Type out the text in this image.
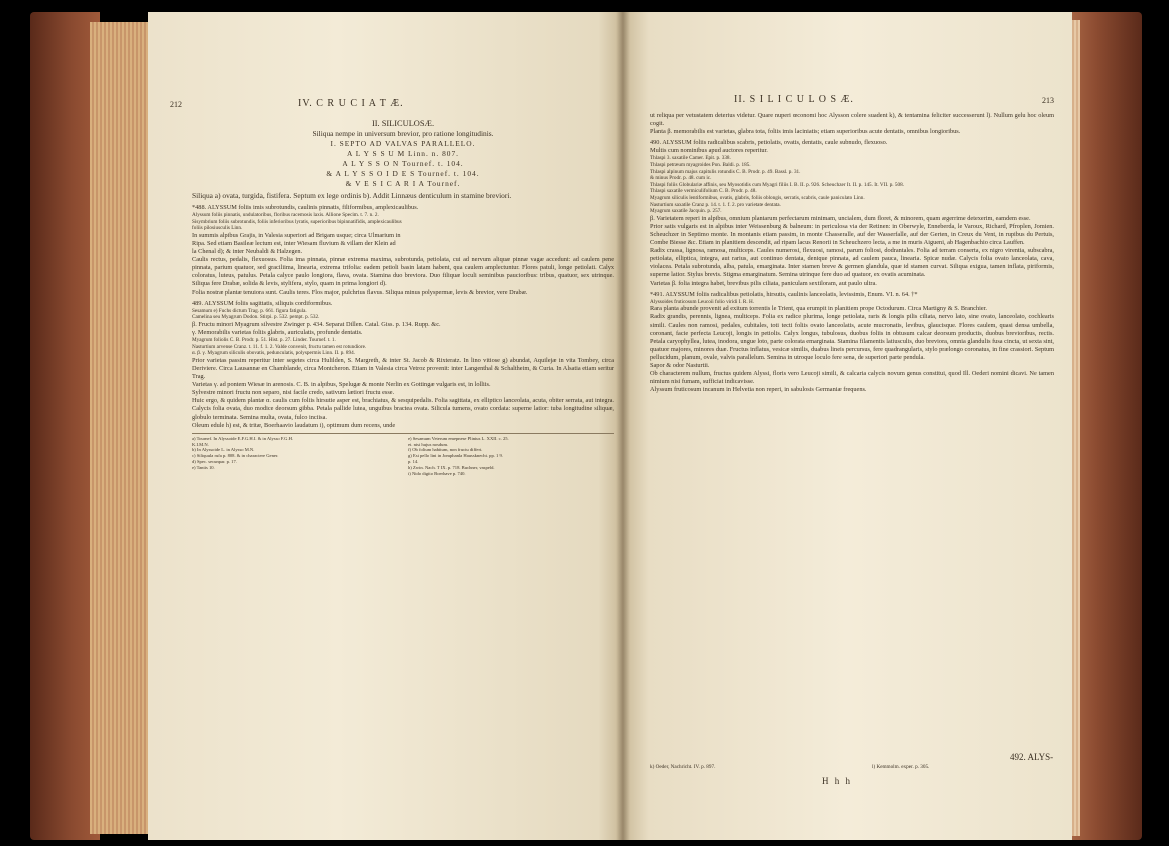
212	IV. C R U C I A T Æ.
II. SILICULOSÆ.
Siliqua nempe in universum brevior, pro ratione longitudinis.
I. SEPTO AD VALVAS PARALLELO.
A L Y S S U M Linn. n. 807.
A L Y S S O N Tournef. t. 104.
& A L Y S S O I D E S Tournef. t. 104.
& V E S I C A R I A Tournef.
Siliqua a) ovata, turgida, fistifera. Septum ex lege ordinis b). Addit Linnæus denticulum in stamine breviori.
*488. ALYSSUM foliis imis subrotundis, caulinis pinnatis, filiformibus, amplexicaulibus.
Alyssum foliis pinnatis, undulatoribus, floribus racemosis laxis. Allione Specim. t. 7. n. 2.
Sisymbrium foliis subrotundis, foliis inferioribus lyratis, superioribus bipinnatifidis, amplexicaulibus
foliis pilosiusculis Linn.
In summis alpibus Grajis, in Valesia superiori ad Brigam usque; circa Ulmarium in
Ripa. Sed etiam Basileæ lectum est, inter Wiesam fluvium & villam der Klein ad
la Chenal d); & inter Neubaldi & Halzegen.
Caulis rectus, pedalis, flexuosus. Folia ima pinnata, pinnæ extrema maxima, subrotunda, petiolata, cui ad nervum aliquæ pinnæ vagæ accedunt: ad caulem pene pinnata, parium quatuor, sed graciliima, linearia, extrema trifolia: eadem petioli basin latam habent, qua caulem amplectuntur. Flores patuli, longe petiolati. Calyx coloratus, luteus, patulus. Petala calyce paulo longiora, flava, ovata. Stamina duo breviora. Duo filiquæ loculi seminibus paucioribus: tribus, quatuor, sex utrinque. Siliqua fere Drabæ, solida & levis, stylifera, stylo, quam in prima longiori d).
Folia nostræ plantæ tenuiora sunt. Caulis teres. Flos major, pulchrius flavus. Siliqua minus polyspermæ, levis & brevior, vere Drabæ.
489. ALYSSUM foliis sagittatis, siliquis cordiformibus.
Sesamum e) Fuchs dictum Trag. p. 661. figura fatigula.
Camelina seu Myagrum Dodon. Stirpi. p. 532. pempt. p. 532.
β. Fructu minori Myagrum silvestre Zwinger p. 434. Separat Dillen. Catal. Giss. p. 134. Rupp. &c.
γ. Memorabilis varietas foliis glabris, auriculatis, profunde dentatis.
Myagrum foliolis C. B. Prodr. p. 51. Hist. p. 27. Linder. Tournef. t. 1.
Nasturtium arvense Cranz. t. 11. f. 1. 2. Valde convenit, fructu tamen est rotundiore.
α. β. γ. Myagrum siliculis obovatis, pedunculatis, polyspermis Linn. II. p. 894.
Prior varietas passim reperitur inter segetes circa Hulilden, S. Margreth, & inter St. Jacob & Rixteratz. In lino vitiose g) abundat, Aquilejæ in vita Tombey, circa Deriviere. Circa Lausannæ en Chamblande, circa Montcheron. Etiam in Valesia circa Vetroz provenit: inter Langenthal & Schaltheim, & Curia. In Alsatia etiam seritur Trag.
Varietas γ. ad pontem Wiesæ in arenosis. C. B. in alpibus, Spelugæ & monte Nerlin ex Gottingæ vulgaris est, in lolliis.
Sylvestre minori fructu non separo, nisi facile credo, sativum lætiori fructu esse.
Huic ergo, & quidem plantæ α. caulis cum foliis hirsutie asper est, brachiatus, & sesquipedalis. Folia sagittata, ex elliptico lanceolata, acuta, obiter serrata, aut integra. Calycis folia ovata, duo modice deorsum gibba. Petala pallide lutea, unguibus bractea ovata. Silicula tumens, ovato cordata: superne latior: tuba longitudine siliquæ, globulo terminata. Semina multa, ovata, fulco inciisa.
Oleum edule h) est, & tritæ, Boerhaavio laudatum i), optimum dum recens, unde
a) Tournef. In Alyssoide E.F.G.H.I. & in Alysso F.G.H.
K.I.M.N.
b) In Alyssoide L. in Alysso M.N.
c) Siliquula rufa p. 808. & in charactere Gener.
d) Spec. secunpar. p. 17.
e) Tantis 10.
e) Sesamum Veterum emepnese Plinius L. XXII. c. 25.
et. nisi hujus nosdum.
f) Ob folium habitum, non fructu differt.
g) Est pello lini in Jomphanla Haussknecht. pp. 1 9.
p. 14.
h) Zwin. Nach. T IX. p. 718. Buchner, vaspeld.
i) Nido digito Boerhave p. 740.
II. S I L I C U L O S Æ.	213
ut reliqua per vetustatem deterius videtur. Quare nuperi œconomi hoc Alysson colere suadent k), & tentamina feliciter successerunt l). Nullum gelu hoc oleum cogit.
Planta β. memorabilis est varietas, glabra tota, foliis imis laciniatis; etiam superioribus acute dentatis, omnibus longioribus.
490. ALYSSUM foliis radicalibus scabris, petiolatis, ovatis, dentatis, caule subnudo, flexuoso.
Multis cum nominibus apud auctores reperitur.
Thlaspi 3. saxatile Camer. Epit. p. 338.
Thlaspi petræum myagroides Pon. Baldi. p. 185.
Thlaspi alpinum majus capitulis rotundis C. B. Prodr. p. 49. Bassl. p. 31.
& minus Prodr. p. 48. cum ic.
Thlaspi foliis Globulariæ affinis, seu Myosotidis cum Myagri filiis I. B. II. p. 926. Scheuchzer It. II. p. 145. It. VII. p. 508.
Thlaspi saxatile vermiculifolium C. B. Prodr. p. 48.
Myagrum siliculis lentiformibus, ovatis, glabris, foliis oblongis, serratis, scabris, caule paniculato Linn.
Nasturtium saxatile Cranz p. 14. t. 1. f. 2. pro varietate dentata.
Myagrum saxatile Jacquin. p. 257.
β. Varietatem reperi in alpibus, omnium plantarum perfectarum minimam, uncialem, dum floret, & minorem, quam ægerrime detexerim, eamdem esse.
Prior satis vulgaris est in alpibus inter Weissenburg & balneum: in periculosa via der Retinen: in Oberwyle, Enneberda, le Varoux, Richard, Pfroplen, Jomien. Scheuchzer in Septimo monte. In montanis etiam passim, in monte Chasseralle, auf der Wasserfalle, auf der Gerten, in Creux du Vent, in rupibus du Pertuis, Combe Biesse &c. Etiam in planitiem descendit, ad ripam lacus Renorii in Scheuchzero lecta, a me in muris Aigueni, ab Hagenbachio circa Lauffen.
Radix crassa, lignosa, ramosa, multiceps. Caules numerosi, flexuosi, ramosi, parum foliosi, dodrantales. Folia ad terram conserta, ex nigro virentia, subscabra, petiolata, elliptica, integra, aut rarius, aut continuo dentata, denique pinnata, ad caulem pauca, linearia. Spicæ nudæ. Calycis folia ovato lanceolata, cava, violacea. Petala subrotunda, alba, patula, emarginata. Inter stamen breve & germen glandula, quæ id stamen curvat. Siliqua exigua, tamen inflata, piriformis, superne latior. Stylus brevis. Stigma emarginatum. Semina utrinque fere duo ad quatuor, ex ovatis acuminata.
Varietas β. folia integra habet, brevibus pilis ciliata, paniculam sextiloram, aut paulo ultra.
*491. ALYSSUM foliis radicalibus petiolatis, hirsutis, caulinis lanceolatis, levissimis, Enum. VI. n. 64. †*
Alyssoides fruticosum Leucoii folio viridi I. R. H.
Rara planta abunde provenit ad exitum torrentis le Trient, qua erumpit in planitiem prope Octodurum. Circa Martigny & S. Branchier.
Radix grandis, perennis, lignea, multiceps. Folia ex radice plurima, longe petiolata, raris & longis pilis ciliata, nervo lato, sine ovato, lanceolato, cochlearis simili. Caules non ramosi, pedales, cubitales, toti tecti foliis ovato lanceolatis, acute mucronatis, levibus, glaucisque. Flores caulem, quasi densa umbella, coronant, facie perfecta Leucoji, longis in petiolis. Calyx longus, tubulosus, duobus foliis in obtusum calcar deorsum productis, duobus brevioribus, rectis. Petala caryophyllea, lutea, inodora, ungue loto, parte colorata emarginata. Stamina filamentis latiusculis, duo breviora, omnia glandulis fusa cincta, ut sexta sint, quatuor majores, minores duæ. Fructus inflatus, vesicæ similis, duabus lineis percursus, fere quadrangularis, stylo prælongo coronatus, in fine crassiori. Septum pellucidum, planum, ovale, valvis parallelum. Semina in utroque loculo fere sena, de superiori parte pendula.
Sapor & odor Nasturtii.
Ob characterem nullum, fructus quidem Alyssi, floris vero Leucoji simili, & calcaria calycis novum genus constitui, quod Ill. Oederi nomini dicavi. Ne tamen nimium nisi fumam, sufficiat indicavisse.
Alyssum fruticosum incanum in Helvetia non reperi, in sabulosis Germaniæ frequens.
492. ALYS-
k) Oeder, Nachricht. IV. p. 897.	l) Kemmolm. exper. p. 305.
H h h
